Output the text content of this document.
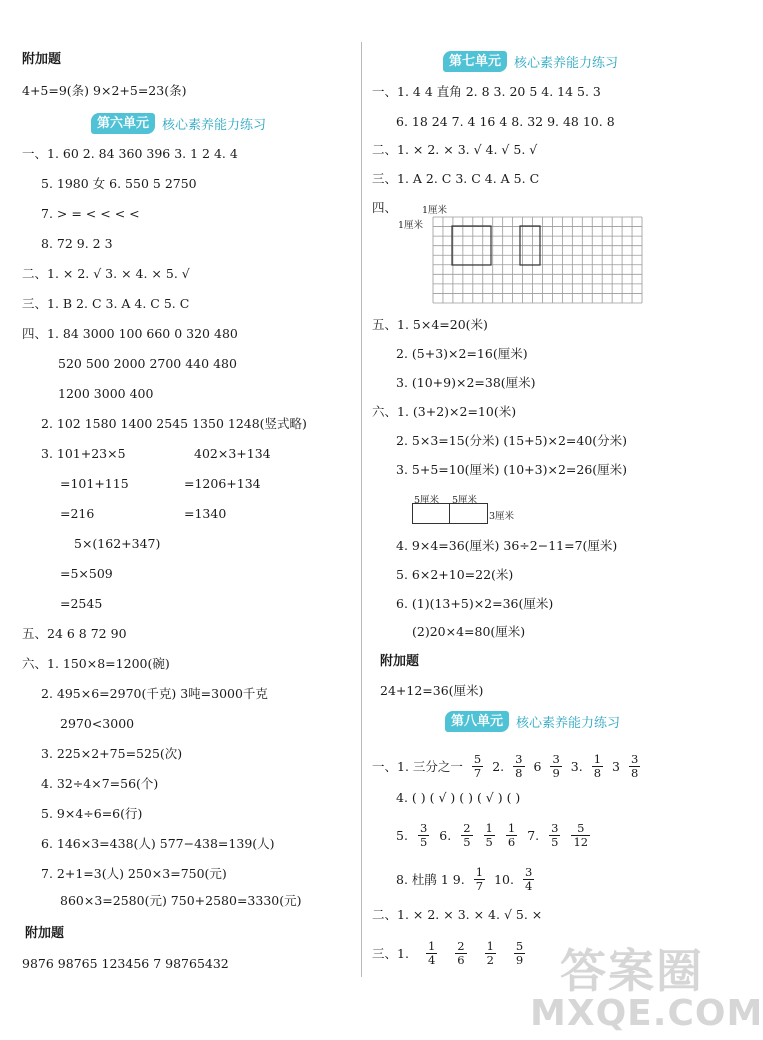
附加题
4+5=9(条) 9×2+5=23(条)
第六单元	核心素养能力练习
一、1. 60 2. 84 360 396 3. 1 2 4. 4
5. 1980 女 6. 550 5 2750
7. > = < < < <
8. 72 9. 2 3
二、1. × 2. √ 3. × 4. × 5. √
三、1. B 2. C 3. A 4. C 5. C
四、1. 84 3000 100 660 0 320 480
520 500 2000 2700 440 480
1200 3000 400
2. 102 1580 1400 2545 1350 1248(竖式略)
3. 101+23×5	402×3+134
=101+115	=1206+134
=216	=1340
5×(162+347)
=5×509
=2545
五、24 6 8 72 90
六、1. 150×8=1200(碗)
2. 495×6=2970(千克) 3吨=3000千克
2970<3000
3. 225×2+75=525(次)
4. 32÷4×7=56(个)
5. 9×4÷6=6(行)
6. 146×3=438(人) 577−438=139(人)
7. 2+1=3(人) 250×3=750(元)
860×3=2580(元) 750+2580=3330(元)
附加题
9876 98765 123456 7 98765432
第七单元	核心素养能力练习
一、1. 4 4 直角 2. 8 3. 20 5 4. 14 5. 3
6. 18 24 7. 4 16 4 8. 32 9. 48 10. 8
二、1. × 2. × 3. √ 4. √ 5. √
三、1. A 2. C 3. C 4. A 5. C
四、
五、1. 5×4=20(米)
2. (5+3)×2=16(厘米)
3. (10+9)×2=38(厘米)
六、1. (3+2)×2=10(米)
2. 5×3=15(分米) (15+5)×2=40(分米)
3. 5+5=10(厘米) (10+3)×2=26(厘米)
4. 9×4=36(厘米) 36÷2−11=7(厘米)
5. 6×2+10=22(米)
6. (1)(13+5)×2=36(厘米)
(2)20×4=80(厘米)
附加题
24+12=36(厘米)
第八单元	核心素养能力练习
一、1. 三分之一 $\frac{5}{7} 2$. $\frac{3}{8} 6 \frac{3}{9} 3$. $\frac{1}{8} 3 \frac{3}{8}$
4. ( ) ( √ ) ( ) ( √ ) ( )
5. $\frac{3}{5} 6$. $\frac{2}{5} \frac{1}{5} \frac{1}{6} 7$. $\frac{3}{5} \frac{5}{12}$
8. 杜鹃 1 9. $\frac{1}{7} 10$. $\frac{3}{4}$
二、1. × 2. × 3. × 4. √ 5. ×
三、1. $\frac{1}{4} \frac{2}{6} \frac{1}{2} \frac{5}{9}$
1厘米
1厘米
5厘米 5厘米
3厘米
答案圈
MXQE.COM
